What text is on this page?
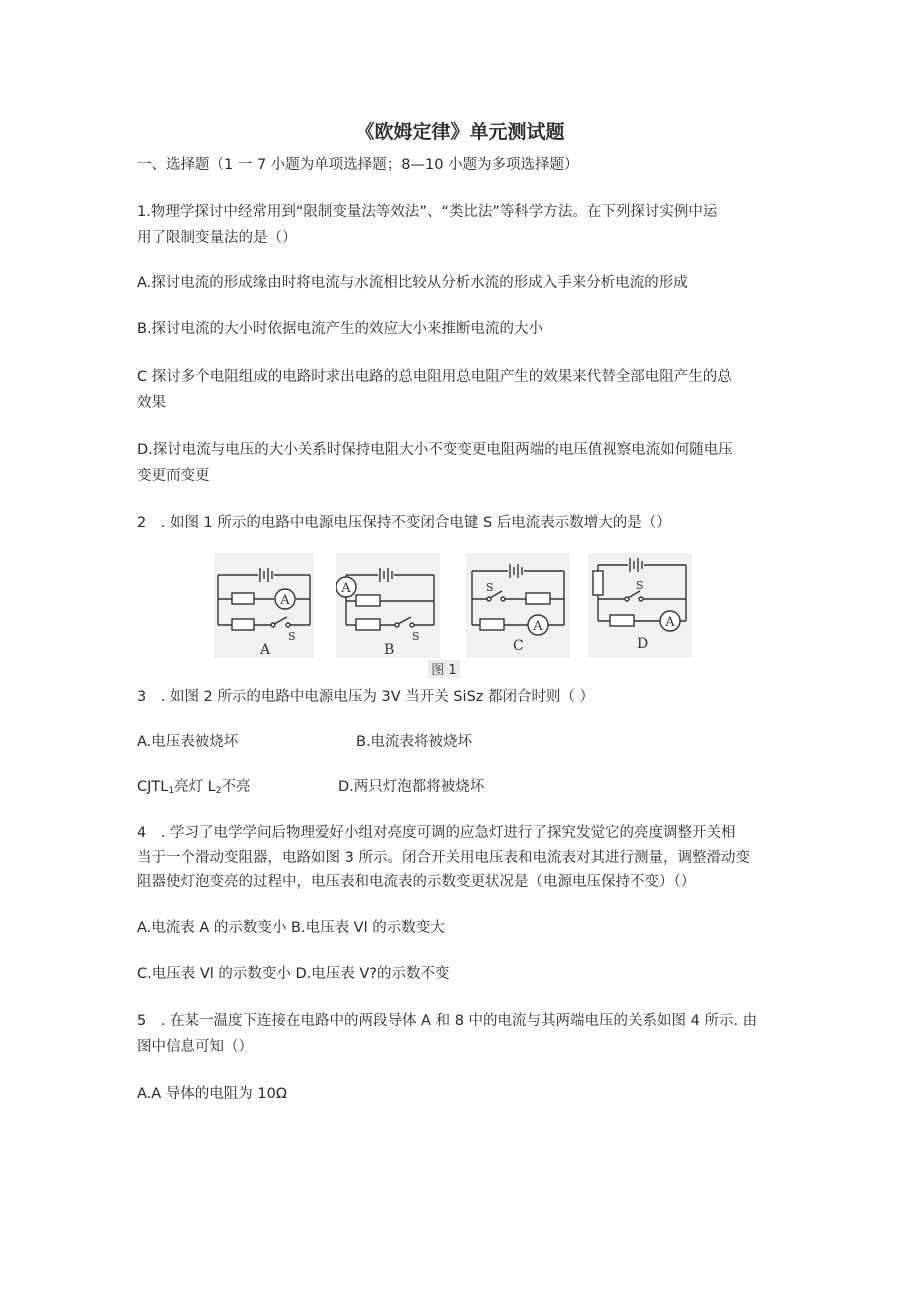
《欧姆定律》单元测试题

一、选择题（1 一 7 小题为单项选择题；8—10 小题为多项选择题）

1.物理学探讨中经常用到“限制变量法等效法”、“类比法”等科学方法。在下列探讨实例中运

用了限制变量法的是（）

A.探讨电流的形成缘由时将电流与水流相比较从分析水流的形成入手来分析电流的形成

B.探讨电流的大小时依据电流产生的效应大小来推断电流的大小

C 探讨多个电阻组成的电路时求出电路的总电阻用总电阻产生的效果来代替全部电阻产生的总

效果

D.探讨电流与电压的大小关系时保持电阻大小不变变更电阻两端的电压值视察电流如何随电压

变更而变更

2　. 如图 1 所示的电路中电源电压保持不变闭合电键 S 后电流表示数增大的是（）

A
S
A
A
S
B
S
A
C
S
A
D
图 1

3　. 如图 2 所示的电路中电源电压为 3V 当开关 SiSz 都闭合时则（ ）

A.电压表被烧坏	B.电流表将被烧坏

$CJTL_1$亮灯 $L_2$不亮	D.两只灯泡都将被烧坏

4　. 学习了电学学问后物理爱好小组对亮度可调的应急灯进行了探究发觉它的亮度调整开关相

当于一个滑动变阻器，电路如图 3 所示。闭合开关用电压表和电流表对其进行测量，调整滑动变

阻器使灯泡变亮的过程中，电压表和电流表的示数变更状况是（电源电压保持不变）（）

A.电流表 A 的示数变小 B.电压表 Vl 的示数变大

C.电压表 Vl 的示数变小 D.电压表 V?的示数不变

5　. 在某一温度下连接在电路中的两段导体 A 和 8 中的电流与其两端电压的关系如图 4 所示. 由

图中信息可知（）

A.A 导体的电阻为 10Ω
